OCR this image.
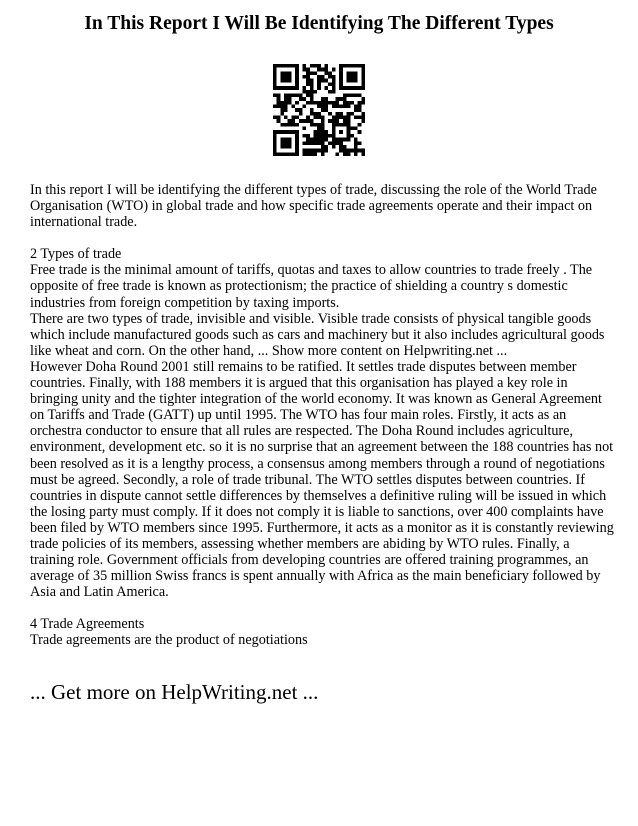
In This Report I Will Be Identifying The Different Types

In this report I will be identifying the different types of trade, discussing the role of the World Trade Organisation (WTO) in global trade and how specific trade agreements operate and their impact on international trade.

2 Types of trade

Free trade is the minimal amount of tariffs, quotas and taxes to allow countries to trade freely . The opposite of free trade is known as protectionism; the practice of shielding a country s domestic industries from foreign competition by taxing imports.

There are two types of trade, invisible and visible. Visible trade consists of physical tangible goods which include manufactured goods such as cars and machinery but it also includes agricultural goods like wheat and corn. On the other hand, ... Show more content on Helpwriting.net ...

However Doha Round 2001 still remains to be ratified. It settles trade disputes between member countries. Finally, with 188 members it is argued that this organisation has played a key role in bringing unity and the tighter integration of the world economy. It was known as General Agreement on Tariffs and Trade (GATT) up until 1995. The WTO has four main roles. Firstly, it acts as an orchestra conductor to ensure that all rules are respected. The Doha Round includes agriculture, environment, development etc. so it is no surprise that an agreement between the 188 countries has not been resolved as it is a lengthy process, a consensus among members through a round of negotiations must be agreed. Secondly, a role of trade tribunal. The WTO settles disputes between countries. If countries in dispute cannot settle differences by themselves a definitive ruling will be issued in which the losing party must comply. If it does not comply it is liable to sanctions, over 400 complaints have been filed by WTO members since 1995. Furthermore, it acts as a monitor as it is constantly reviewing trade policies of its members, assessing whether members are abiding by WTO rules. Finally, a training role. Government officials from developing countries are offered training programmes, an average of 35 million Swiss francs is spent annually with Africa as the main beneficiary followed by Asia and Latin America.

4 Trade Agreements

Trade agreements are the product of negotiations

... Get more on HelpWriting.net ...
